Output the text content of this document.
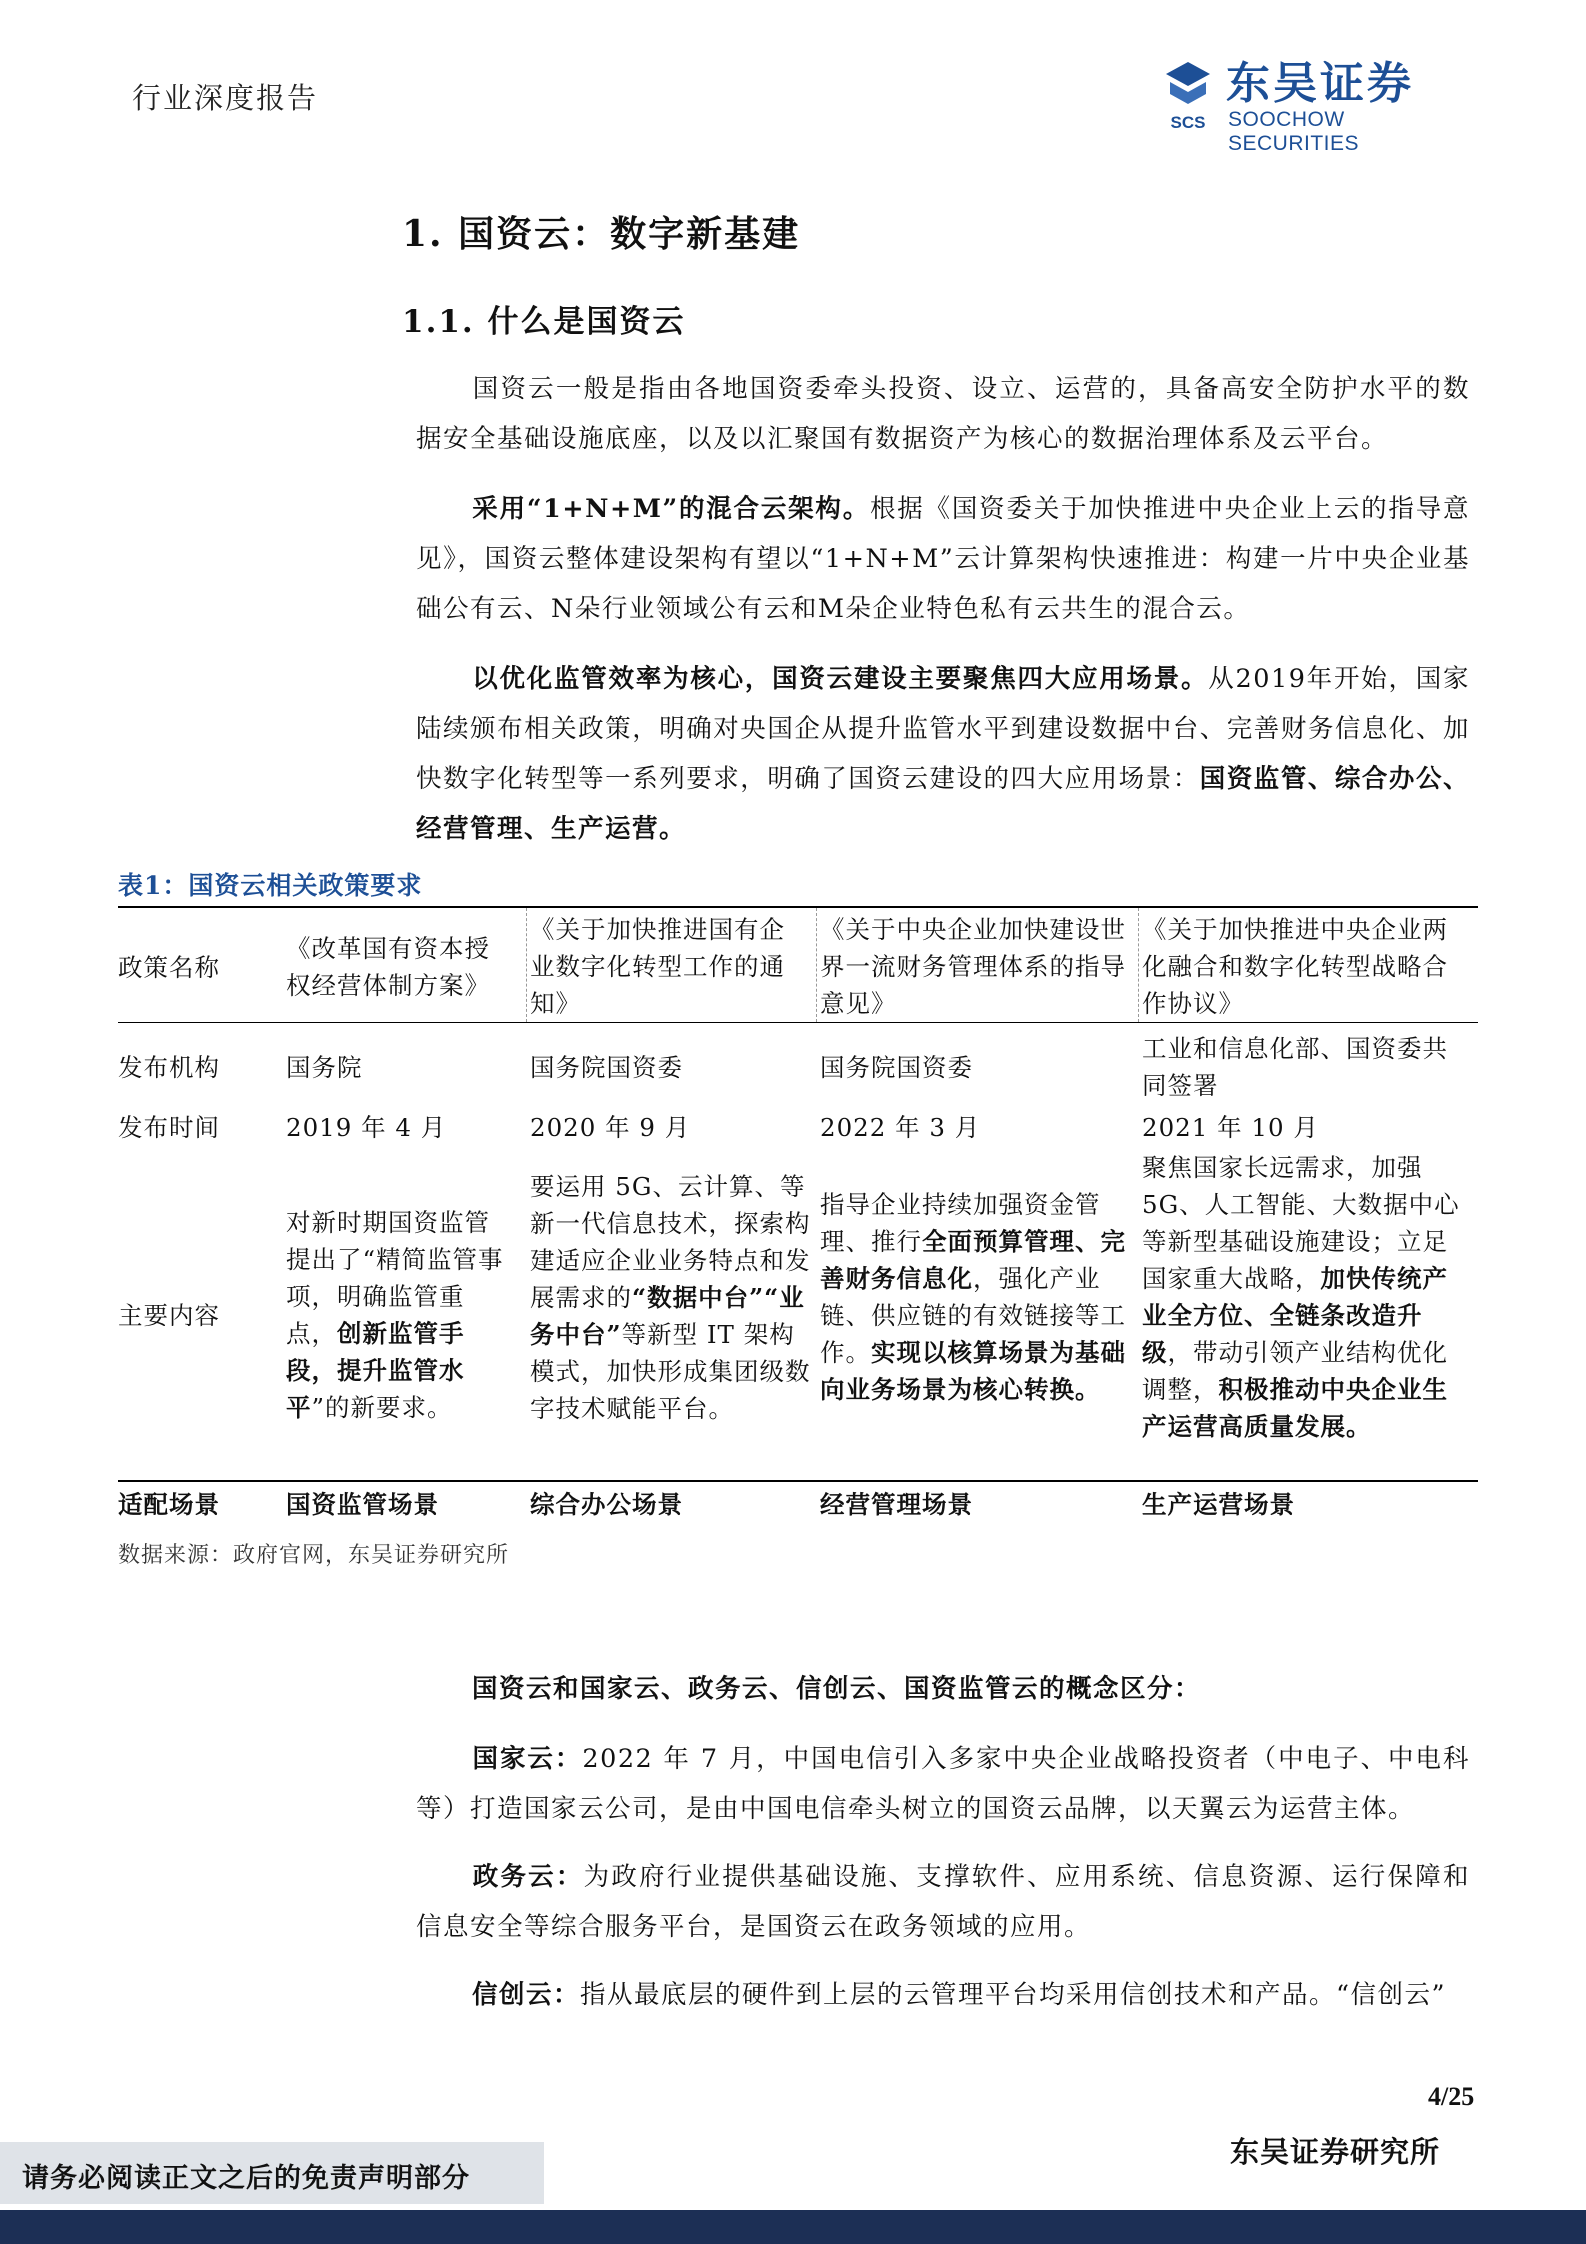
行业深度报告
SCS
东吴证券
SOOCHOW SECURITIES
1. 国资云：数字新基建
1.1. 什么是国资云
国资云一般是指由各地国资委牵头投资、设立、运营的，具备高安全防护水平的数据安全基础设施底座，以及以汇聚国有数据资产为核心的数据治理体系及云平台。
采用“1+N+M”的混合云架构。根据《国资委关于加快推进中央企业上云的指导意见》，国资云整体建设架构有望以“1+N+M”云计算架构快速推进：构建一片中央企业基础公有云、N朵行业领域公有云和M朵企业特色私有云共生的混合云。
以优化监管效率为核心，国资云建设主要聚焦四大应用场景。从2019年开始，国家陆续颁布相关政策，明确对央国企从提升监管水平到建设数据中台、完善财务信息化、加快数字化转型等一系列要求，明确了国资云建设的四大应用场景：国资监管、综合办公、经营管理、生产运营。
表1：国资云相关政策要求
政策名称
发布机构
发布时间
主要内容
适配场景
《改革国有资本授权经营体制方案》
国务院
2019 年 4 月
对新时期国资监管提出了“精简监管事项，明确监管重点，创新监管手段，提升监管水平”的新要求。
国资监管场景
《关于加快推进国有企业数字化转型工作的通知》
国务院国资委
2020 年 9 月
要运用 5G、云计算、等新一代信息技术，探索构建适应企业业务特点和发展需求的“数据中台”“业务中台”等新型 IT 架构模式，加快形成集团级数字技术赋能平台。
综合办公场景
《关于中央企业加快建设世界一流财务管理体系的指导意见》
国务院国资委
2022 年 3 月
指导企业持续加强资金管理、推行全面预算管理、完善财务信息化，强化产业链、供应链的有效链接等工作。实现以核算场景为基础向业务场景为核心转换。
经营管理场景
《关于加快推进中央企业两化融合和数字化转型战略合作协议》
工业和信息化部、国资委共同签署
2021 年 10 月
聚焦国家长远需求，加强 5G、人工智能、大数据中心等新型基础设施建设；立足国家重大战略，加快传统产业全方位、全链条改造升级，带动引领产业结构优化调整，积极推动中央企业生产运营高质量发展。
生产运营场景
数据来源：政府官网，东吴证券研究所
国资云和国家云、政务云、信创云、国资监管云的概念区分：
国家云：2022 年 7 月，中国电信引入多家中央企业战略投资者（中电子、中电科等）打造国家云公司，是由中国电信牵头树立的国资云品牌，以天翼云为运营主体。
政务云：为政府行业提供基础设施、支撑软件、应用系统、信息资源、运行保障和信息安全等综合服务平台，是国资云在政务领域的应用。
信创云：指从最底层的硬件到上层的云管理平台均采用信创技术和产品。“信创云”
4/25
请务必阅读正文之后的免责声明部分
东吴证券研究所
